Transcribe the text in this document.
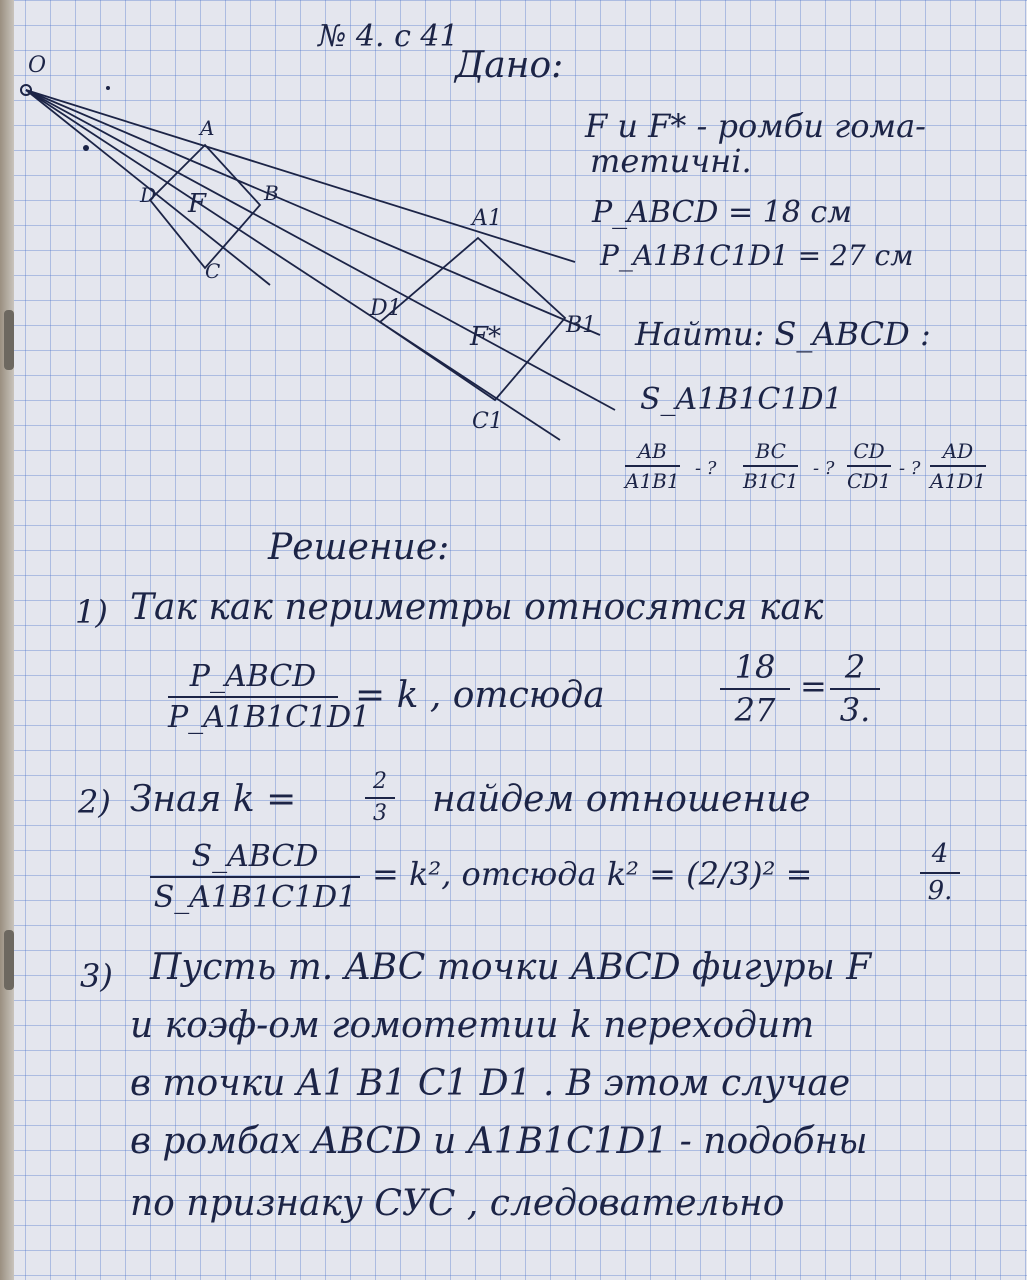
№ 4. с 41
Дано:
O
A
B
C
D F	A1
B1
C1
D1
F*
F и F* - ромби гома-
тетичні.
P_ABCD = 18 см
P_A1B1C1D1 = 27 см
Найти: S_ABCD :
S_A1B1C1D1
AB
A1B1
- ?
BC
B1C1
- ?
CD
CD1
- ?
AD
A1D1
Решение:
1) Так как периметры относятся как
P_ABCD
P_A1B1C1D1
= k , отсюда
18
27
= 2
3.
2) Зная k =	2
3 найдем отношение
S_ABCD
S_A1B1C1D1
= k², отсюда k² = (2/3)² =
4
9.
3) Пусть т. ABC точки ABCD фигуры F
и коэф-ом гомотетии k переходит
в точки A1 B1 C1 D1 . В этом случае
в ромбах ABCD и A1B1C1D1 - подобны
по признаку СУС , следовательно
